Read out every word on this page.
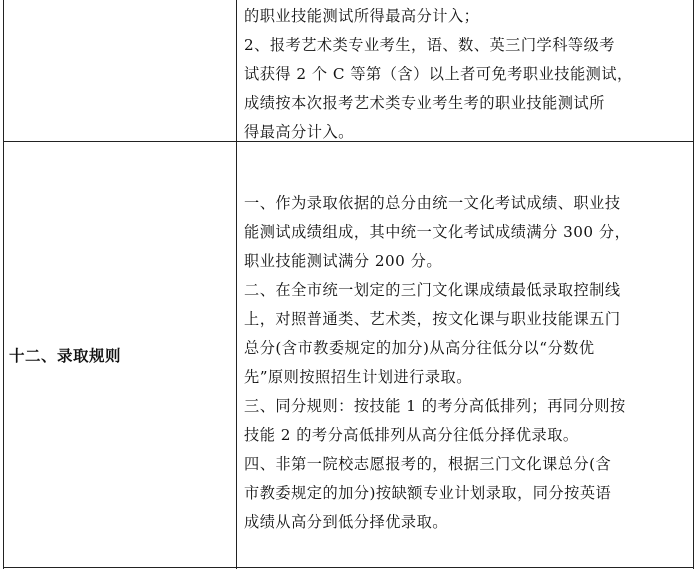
的职业技能测试所得最高分计入；
2、报考艺术类专业考生，语、数、英三门学科等级考
试获得 2 个 C 等第（含）以上者可免考职业技能测试，
成绩按本次报考艺术类专业考生考的职业技能测试所
得最高分计入。
十二、录取规则
一、作为录取依据的总分由统一文化考试成绩、职业技
能测试成绩组成，其中统一文化考试成绩满分 300 分，
职业技能测试满分 200 分。
二、在全市统一划定的三门文化课成绩最低录取控制线
上，对照普通类、艺术类，按文化课与职业技能课五门
总分(含市教委规定的加分)从高分往低分以“分数优
先”原则按照招生计划进行录取。
三、同分规则：按技能 1 的考分高低排列；再同分则按
技能 2 的考分高低排列从高分往低分择优录取。
四、非第一院校志愿报考的，根据三门文化课总分(含
市教委规定的加分)按缺额专业计划录取，同分按英语
成绩从高分到低分择优录取。
